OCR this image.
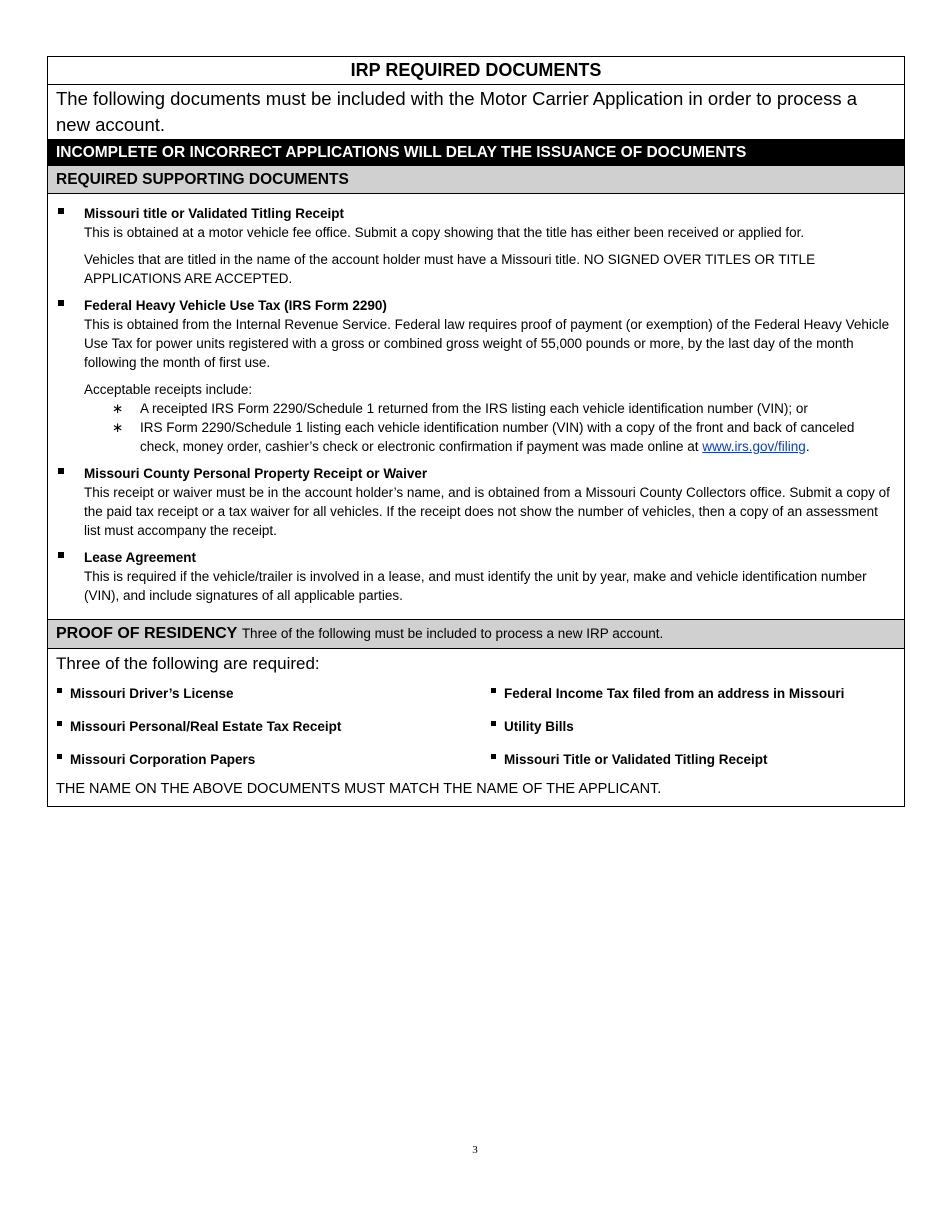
IRP REQUIRED DOCUMENTS
The following documents must be included with the Motor Carrier Application in order to process a new account.
INCOMPLETE OR INCORRECT APPLICATIONS WILL DELAY THE ISSUANCE OF DOCUMENTS
REQUIRED SUPPORTING DOCUMENTS
Missouri title or Validated Titling Receipt

This is obtained at a motor vehicle fee office. Submit a copy showing that the title has either been received or applied for.

Vehicles that are titled in the name of the account holder must have a Missouri title. NO SIGNED OVER TITLES OR TITLE APPLICATIONS ARE ACCEPTED.

Federal Heavy Vehicle Use Tax (IRS Form 2290)

This is obtained from the Internal Revenue Service. Federal law requires proof of payment (or exemption) of the Federal Heavy Vehicle Use Tax for power units registered with a gross or combined gross weight of 55,000 pounds or more, by the last day of the month following the month of first use.

Acceptable receipts include:

∗ A receipted IRS Form 2290/Schedule 1 returned from the IRS listing each vehicle identification number (VIN); or
∗ IRS Form 2290/Schedule 1 listing each vehicle identification number (VIN) with a copy of the front and back of canceled check, money order, cashier’s check or electronic confirmation if payment was made online at www.irs.gov/filing.
Missouri County Personal Property Receipt or Waiver

This receipt or waiver must be in the account holder’s name, and is obtained from a Missouri County Collectors office. Submit a copy of the paid tax receipt or a tax waiver for all vehicles. If the receipt does not show the number of vehicles, then a copy of an assessment list must accompany the receipt.

Lease Agreement

This is required if the vehicle/trailer is involved in a lease, and must identify the unit by year, make and vehicle identification number (VIN), and include signatures of all applicable parties.

PROOF OF RESIDENCY Three of the following must be included to process a new IRP account.
Three of the following are required:
Missouri Driver’s License	Federal Income Tax filed from an address in Missouri
Missouri Personal/Real Estate Tax Receipt	Utility Bills
Missouri Corporation Papers	Missouri Title or Validated Titling Receipt
THE NAME ON THE ABOVE DOCUMENTS MUST MATCH THE NAME OF THE APPLICANT.
3
